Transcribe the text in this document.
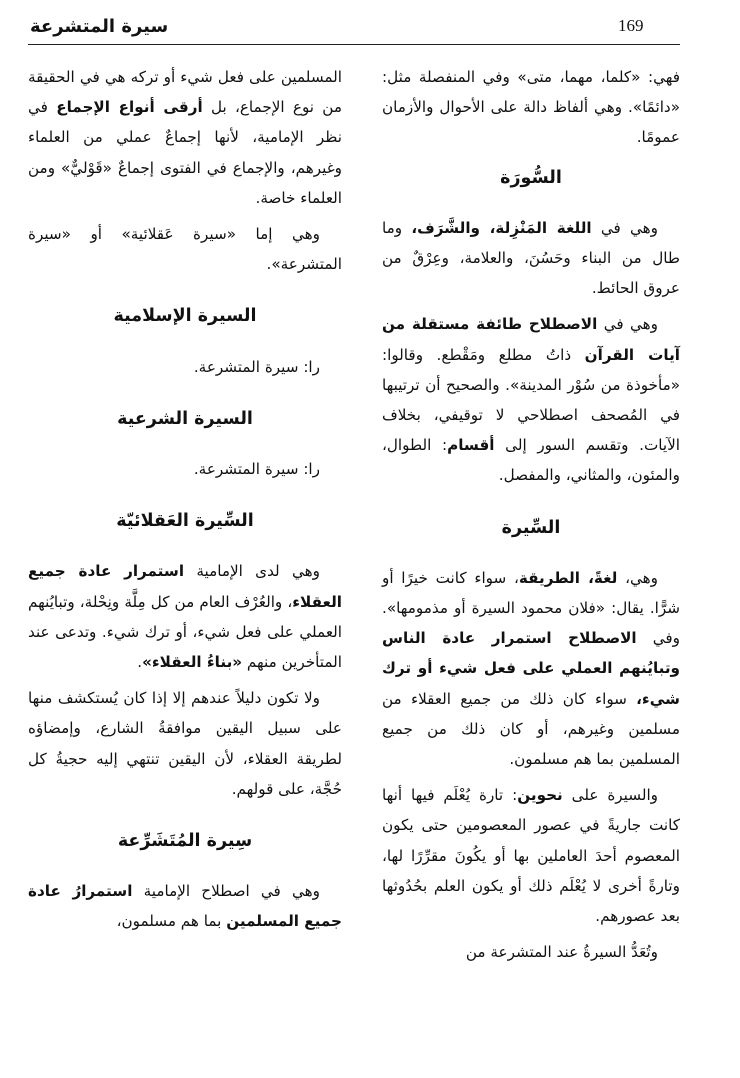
169
سيرة المتشرعة

فهي: «كلما، مهما، متى» وفي المنفصلة مثل: «دائمًا». وهي ألفاظ دالة على الأحوال والأزمان عمومًا.

السُّورَة

وهي في اللغة المَنْزِلة، والشَّرَف، وما طال من البناء وحَسُنَ، والعلامة، وعِرْقٌ من عروق الحائط.

وهي في الاصطلاح طائفة مستقلة من آيات القرآن ذاتُ مطلع ومَقْطع. وقالوا: «مأخوذة من سُوْر المدينة». والصحيح أن ترتيبها في المُصحف اصطلاحي لا توقيفي، بخلاف الآيات. وتقسم السور إلى أقسام: الطوال، والمئون، والمثاني، والمفصل.

السِّيرة

وهي، لغةً، الطريقة، سواء كانت خيرًا أو شرًّا. يقال: «فلان محمود السيرة أو مذمومها». وفي الاصطلاح استمرار عادة الناس وتبايُنهم العملي على فعل شيء أو ترك شيء، سواء كان ذلك من جميع العقلاء من مسلمين وغيرهم، أو كان ذلك من جميع المسلمين بما هم مسلمون.

والسيرة على نحوين: تارة يُعْلَم فيها أنها كانت جاريةً في عصور المعصومين حتى يكون المعصوم أحدَ العاملين بها أو يكُونَ مقرِّرًا لها، وتارةً أخرى لا يُعْلَم ذلك أو يكون العلم بحُدُوثها بعد عصورهم.

وتُعَدُّ السيرةُ عند المتشرعة من

المسلمين على فعل شيء أو تركه هي في الحقيقة من نوع الإجماع، بل أرقى أنواع الإجماع في نظر الإمامية، لأنها إجماعٌ عملي من العلماء وغيرهم، والإجماع في الفتوى إجماعٌ «قَوْليٌّ» ومن العلماء خاصة.

وهي إما «سيرة عَقلائية» أو «سيرة المتشرعة».

السيرة الإسلامية

را: سيرة المتشرعة.

السيرة الشرعية

را: سيرة المتشرعة.

السِّيرة العَقلائيّة

وهي لدى الإمامية استمرار عادة جميع العقلاء، والعُرْف العام من كل مِلَّة ونِحْلة، وتبايُنهم العملي على فعل شيء، أو ترك شيء. وتدعى عند المتأخرين منهم «بناءُ العقلاء».

ولا تكون دليلاً عندهم إلا إذا كان يُستكشف منها على سبيل اليقين موافقةُ الشارع، وإمضاؤه لطريقة العقلاء، لأن اليقين تنتهي إليه حجيةُ كل حُجَّة، على قولهم.

سِيرة المُتَشَرِّعة

وهي في اصطلاح الإمامية استمرارُ عادة جميع المسلمين بما هم مسلمون،
